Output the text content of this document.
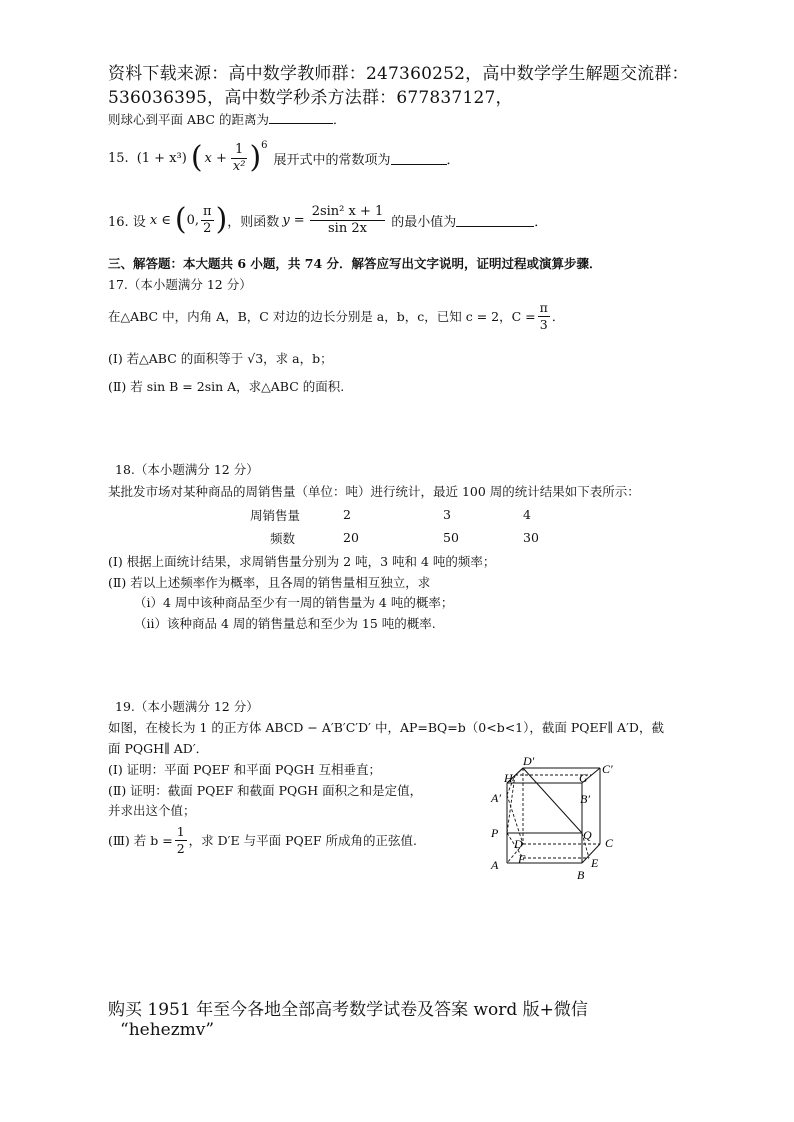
资料下载来源：高中数学教师群：247360252，高中数学学生解题交流群：
536036395，高中数学秒杀方法群：677837127，
则球心到平面 ABC 的距离为	．
15. (1 + x³) ( $x + \frac{1}{\text{x²}}$ ) 6
展开式中的常数项为	．
16. 设 x ∈ ( 0, $\frac{\pi}{2}$ ) ，则函数 $y = \frac{\text{2sin² x + 1}}{\sin 2x}$ 的最小值为	．
三、解答题：本大题共 6 小题，共 74 分．解答应写出文字说明，证明过程或演算步骤．
17.（本小题满分 12 分）
在△ABC 中，内角 A，B，C 对边的边长分别是 a，b，c，已知 c = 2，$C = \frac{\pi}{3}$ ．
(Ⅰ) 若△ABC 的面积等于 √3，求 a，b；
(Ⅱ) 若 sin B = 2sin A，求△ABC 的面积.
18.（本小题满分 12 分）
某批发市场对某种商品的周销售量（单位：吨）进行统计，最近 100 周的统计结果如下表所示：
周销售量	2	3	4
频数	20	50	30
(Ⅰ) 根据上面统计结果，求周销售量分别为 2 吨，3 吨和 4 吨的频率；
(Ⅱ) 若以上述频率作为概率，且各周的销售量相互独立，求
（ⅰ）4 周中该种商品至少有一周的销售量为 4 吨的概率；
（ⅱ）该种商品 4 周的销售量总和至少为 15 吨的概率.
19.（本小题满分 12 分）
如图，在棱长为 1 的正方体 ABCD − A′B′C′D′ 中，AP=BQ=b（0<b<1），截面 PQEF∥ A′D，截
面 PQGH∥ AD′．
(Ⅰ) 证明：平面 PQEF 和平面 PQGH 互相垂直；
(Ⅱ) 证明：截面 PQEF 和截面 PQGH 面积之和是定值，
并求出这个值；
(Ⅲ) 若 $b = \frac{1}{2}$ ，求 D′E 与平面 PQEF 所成角的正弦值.
D′
C′
H	G
A′	B′
P	Q
D	C
F	E
A
B
购买 1951 年至今各地全部高考数学试卷及答案 word 版+微信
“hehezmv”
